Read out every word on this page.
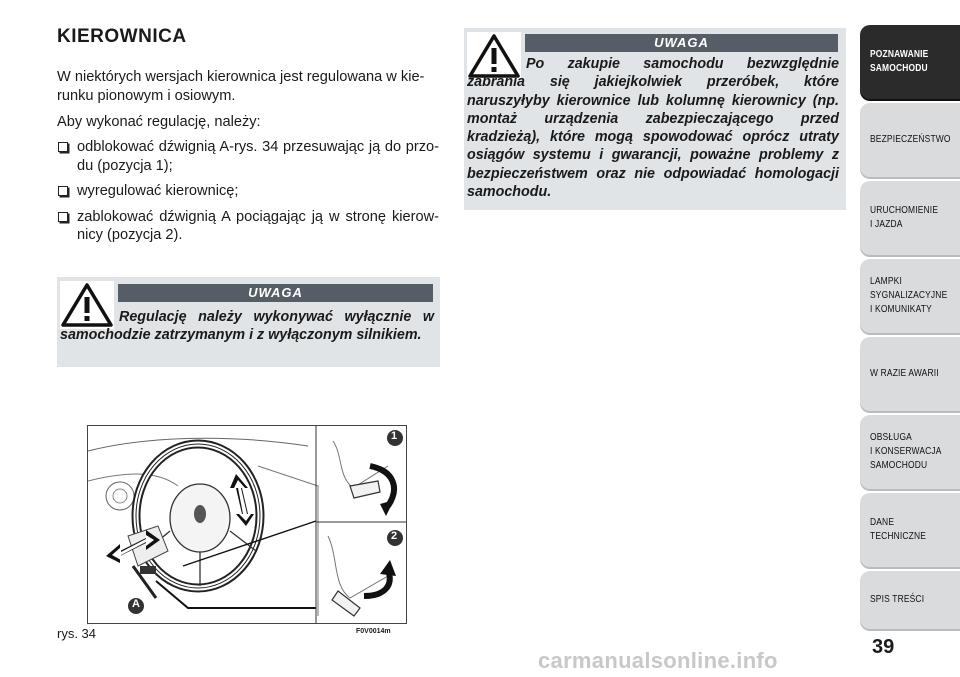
KIEROWNICA
W niektórych wersjach kierownica jest regulowana w kie-
runku pionowym i osiowym.
Aby wykonać regulację, należy:
odblokować dźwignią A-rys. 34 przesuwając ją do przo- du (pozycja 1);
wyregulować kierownicę;
zablokować dźwignią A pociągając ją w stronę kierow- nicy (pozycja 2).
UWAGA
Regulację należy wykonywać wyłącznie w samochodzie zatrzymanym i z wyłączonym silnikiem.
UWAGA
Po zakupie samochodu bezwzględnie zabrania się jakiejkolwiek przeróbek, które naruszyłyby kierownice lub kolumnę kierownicy (np. montaż urządzenia zabezpieczającego przed kradzieżą), które mogą spowodować oprócz utraty osiągów systemu i gwarancji, poważne problemy z bezpieczeństwem oraz nie odpowiadać homologacji samochodu.
1
2
A
rys. 34	F0V0014m
POZNAWANIE
SAMOCHODU
BEZPIECZEŃSTWO
URUCHOMIENIE
I JAZDA
LAMPKI
SYGNALIZACYJNE
I KOMUNIKATY
W RAZIE AWARII
OBSŁUGA
I KONSERWACJA
SAMOCHODU
DANE
TECHNICZNE
SPIS TREŚCI
39
carmanualsonline.info
